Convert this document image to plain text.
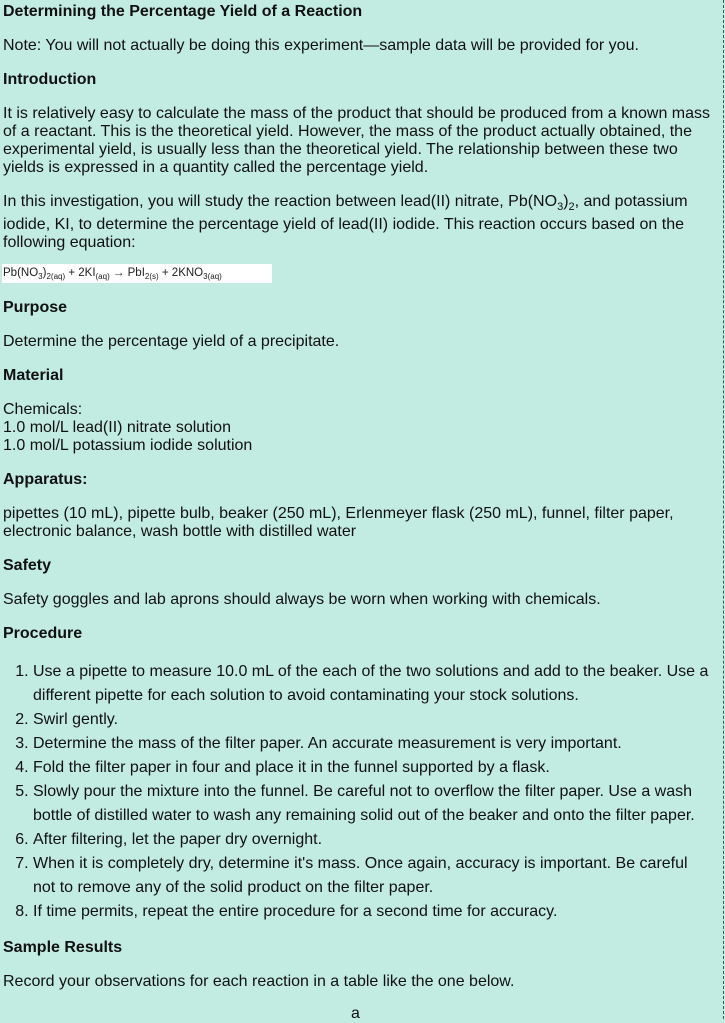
Determining the Percentage Yield of a Reaction

Note: You will not actually be doing this experiment—sample data will be provided for you.

Introduction

It is relatively easy to calculate the mass of the product that should be produced from a known mass of a reactant. This is the theoretical yield. However, the mass of the product actually obtained, the experimental yield, is usually less than the theoretical yield. The relationship between these two yields is expressed in a quantity called the percentage yield.

In this investigation, you will study the reaction between lead(II) nitrate, $Pb(NO_3)_2$, and potassium iodide, KI, to determine the percentage yield of lead(II) iodide. This reaction occurs based on the following equation:

$Pb(NO_3)_{2(aq)} + 2KI_{(aq)} \to PbI_{2(s)} + 2KNO_{3(aq)}$
Purpose

Determine the percentage yield of a precipitate.

Material

Chemicals:

1.0 mol/L lead(II) nitrate solution

1.0 mol/L potassium iodide solution

Apparatus:

pipettes (10 mL), pipette bulb, beaker (250 mL), Erlenmeyer flask (250 mL), funnel, filter paper, electronic balance, wash bottle with distilled water

Safety

Safety goggles and lab aprons should always be worn when working with chemicals.

Procedure
1. Use a pipette to measure 10.0 mL of the each of the two solutions and add to the beaker. Use a different pipette for each solution to avoid contaminating your stock solutions.
2. Swirl gently.
3. Determine the mass of the filter paper. An accurate measurement is very important.
4. Fold the filter paper in four and place it in the funnel supported by a flask.
5. Slowly pour the mixture into the funnel. Be careful not to overflow the filter paper. Use a wash bottle of distilled water to wash any remaining solid out of the beaker and onto the filter paper.
6. After filtering, let the paper dry overnight.
7. When it is completely dry, determine it's mass. Once again, accuracy is important. Be careful not to remove any of the solid product on the filter paper.
8. If time permits, repeat the entire procedure for a second time for accuracy.
Sample Results

Record your observations for each reaction in a table like the one below.

a
